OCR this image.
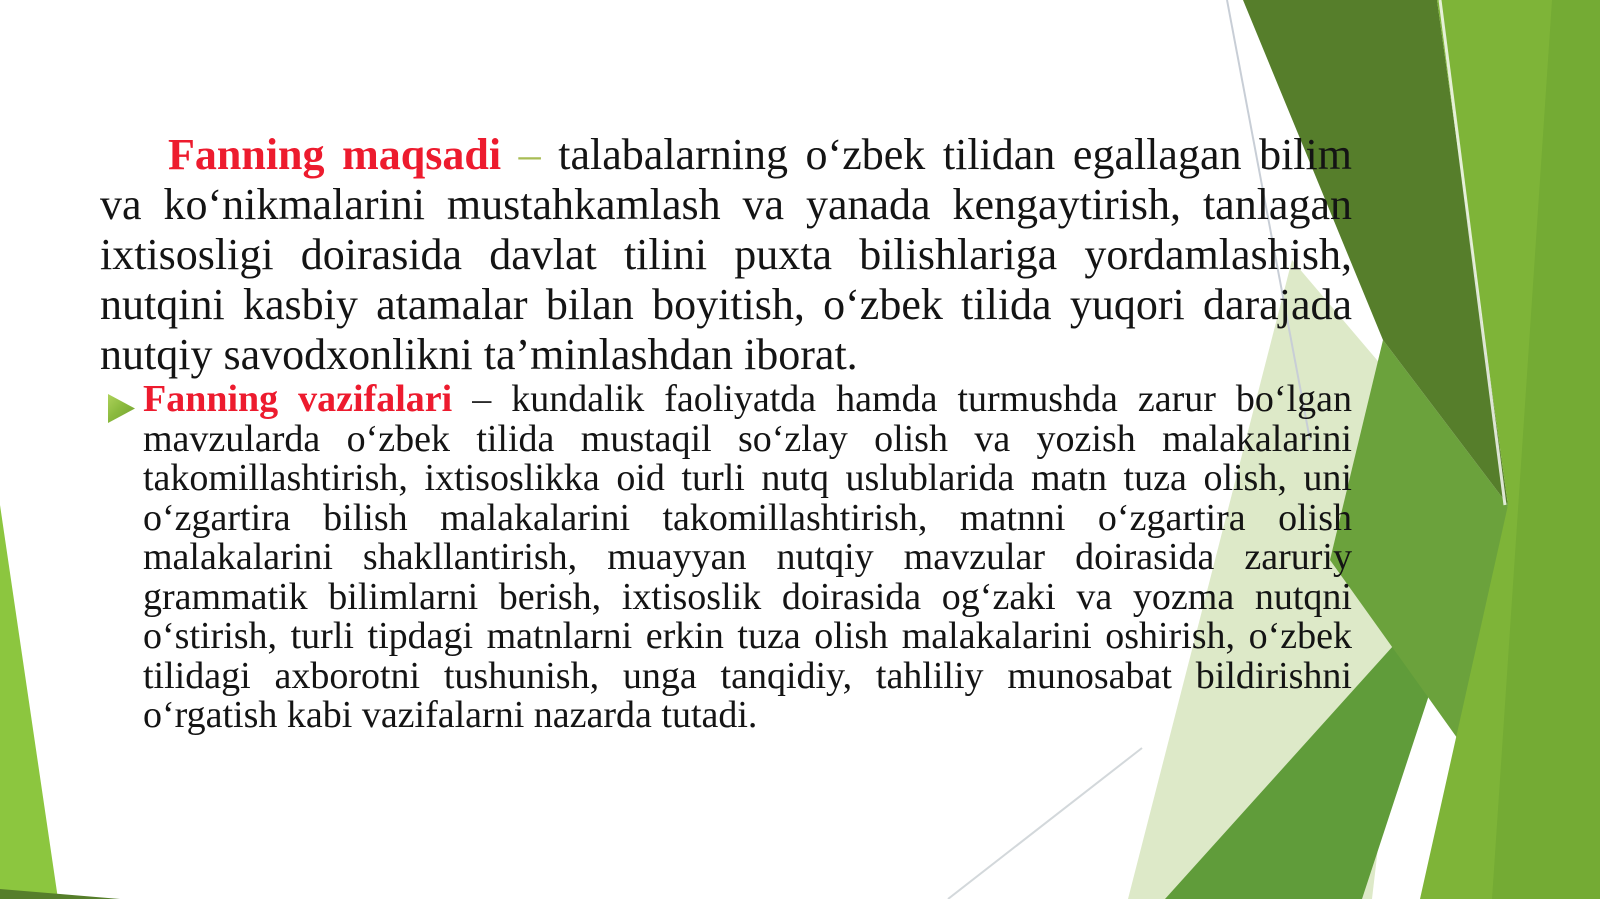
Fanning maqsadi – talabalarning o‘zbek tilidan egallagan bilim va ko‘nikmalarini mustahkamlash va yanada kengaytirish, tanlagan ixtisosligi doirasida davlat tilini puxta bilishlariga yordamlashish, nutqini kasbiy atamalar bilan boyitish, o‘zbek tilida yuqori darajada nutqiy savodxonlikni ta’minlashdan iborat.

Fanning vazifalari – kundalik faoliyatda hamda turmushda zarur bo‘lgan mavzularda o‘zbek tilida mustaqil so‘zlay olish va yozish malakalarini takomillashtirish, ixtisoslikka oid turli nutq uslublarida matn tuza olish, uni o‘zgartira bilish malakalarini takomillashtirish, matnni o‘zgartira olish malakalarini shakllantirish, muayyan nutqiy mavzular doirasida zaruriy grammatik bilimlarni berish, ixtisoslik doirasida og‘zaki va yozma nutqni o‘stirish, turli tipdagi matnlarni erkin tuza olish malakalarini oshirish, o‘zbek tilidagi axborotni tushunish, unga tanqidiy, tahliliy munosabat bildirishni o‘rgatish kabi vazifalarni nazarda tutadi.
